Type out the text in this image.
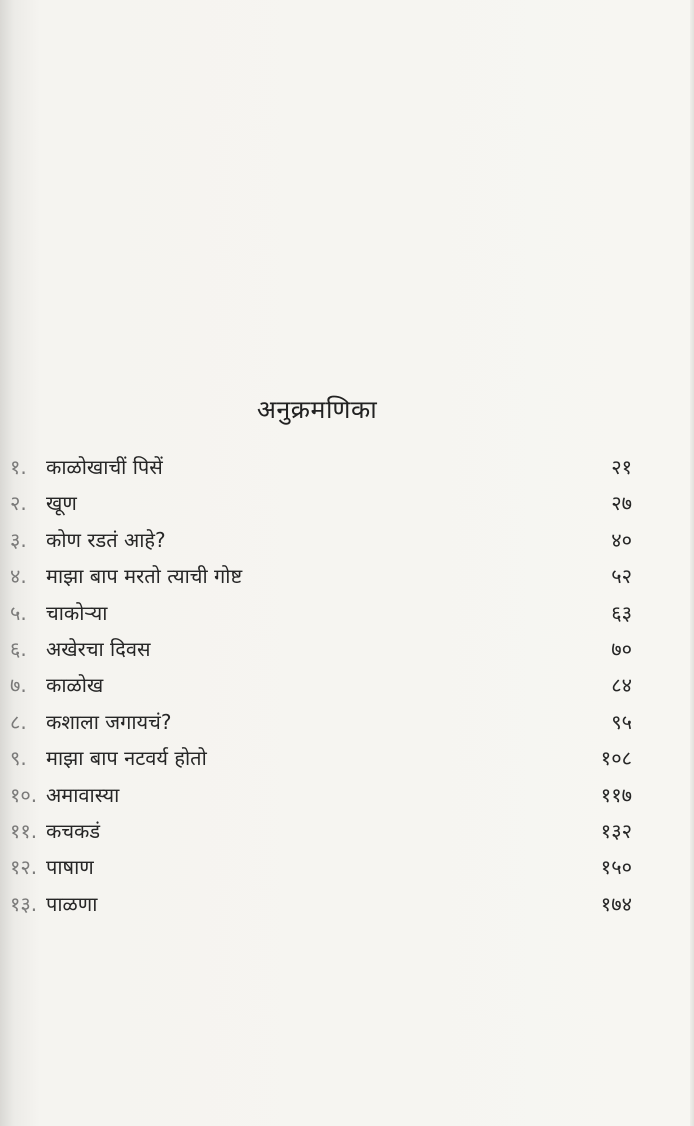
अनुक्रमणिका
१. काळोखाचीं पिसें	२१
२. खूण	२७
३. कोण रडतं आहे?	४०
४. माझा बाप मरतो त्याची गोष्ट	५२
५. चाकोऱ्या	६३
६. अखेरचा दिवस	७०
७. काळोख	८४
८. कशाला जगायचं?	९५
९. माझा बाप नटवर्य होतो	१०८
१०. अमावास्या	११७
११. कचकडं	१३२
१२. पाषाण	१५०
१३. पाळणा	१७४
